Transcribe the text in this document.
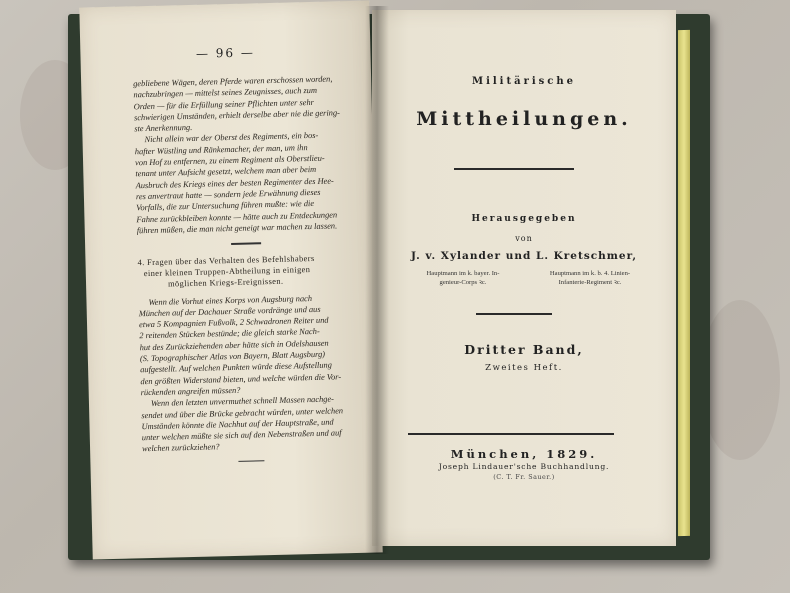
— 96 —

gebliebene Wägen, deren Pferde waren erschossen worden,

nachzubringen — mittelst seines Zeugnisses, auch zum

Orden — für die Erfüllung seiner Pflichten unter sehr

schwierigen Umständen, erhielt derselbe aber nie die gering-

ste Anerkennung.

Nicht allein war der Oberst des Regiments, ein bos-

hafter Wüstling und Ränkemacher, der man, um ihn

von Hof zu entfernen, zu einem Regiment als Oberstlieu-

tenant unter Aufsicht gesetzt, welchem man aber beim

Ausbruch des Kriegs eines der besten Regimenter des Hee-

res anvertraut hatte — sondern jede Erwähnung dieses

Vorfalls, die zur Untersuchung führen mußte: wie die

Fahne zurückbleiben konnte — hätte auch zu Entdeckungen

führen müßen, die man nicht geneigt war machen zu lassen.

4. Fragen über das Verhalten des Befehlshabers

einer kleinen Truppen-Abtheilung in einigen

möglichen Kriegs-Ereignissen.

Wenn die Vorhut eines Korps von Augsburg nach

München auf der Dachauer Straße vordränge und aus

etwa 5 Kompagnien Fußvolk, 2 Schwadronen Reiter und

2 reitenden Stücken bestünde; die gleich starke Nach-

hut des Zurückziehenden aber hätte sich in Odelshausen

(S. Topographischer Atlas von Bayern, Blatt Augsburg)

aufgestellt. Auf welchen Punkten würde diese Aufstellung

den größten Widerstand bieten, und welche würden die Vor-

rückenden angreifen müssen?

Wenn den letzten unvermuthet schnell Massen nachge-

sendet und über die Brücke gebracht würden, unter welchen

Umständen könnte die Nachhut auf der Hauptstraße, und

unter welchen müßte sie sich auf den Nebenstraßen und auf

welchen zurückziehen?

Militärische
Mittheilungen.
Herausgegeben
von
J. v. Xylander und L. Kretschmer,
Hauptmann im k. bayer. In-
genieur-Corps ꝛc.
Hauptmann im k. b. 4. Linien-
Infanterie-Regiment ꝛc.
Dritter Band,
Zweites Heft.
München, 1829.
Joseph Lindauer'sche Buchhandlung.
(C. T. Fr. Sauer.)
